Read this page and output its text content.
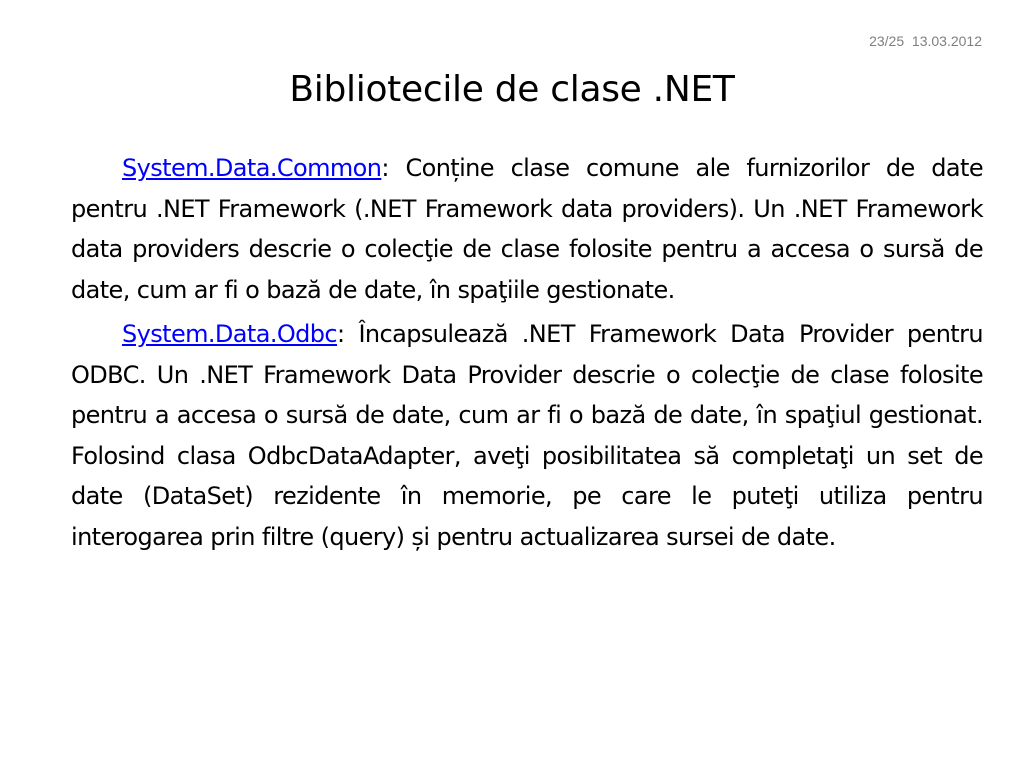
23/25 13.03.2012
Bibliotecile de clase .NET

System.Data.Common: Conține clase comune ale furnizorilor de date pentru .NET Framework (.NET Framework data providers). Un .NET Framework data providers descrie o colecţie de clase folosite pentru a accesa o sursă de date, cum ar fi o bază de date, în spaţiile gestionate.

System.Data.Odbc: Încapsulează .NET Framework Data Provider pentru ODBC. Un .NET Framework Data Provider descrie o colecţie de clase folosite pentru a accesa o sursă de date, cum ar fi o bază de date, în spaţiul gestionat. Folosind clasa OdbcDataAdapter, aveţi posibilitatea să completaţi un set de date (DataSet) rezidente în memorie, pe care le puteţi utiliza pentru interogarea prin filtre (query) și pentru actualizarea sursei de date.
